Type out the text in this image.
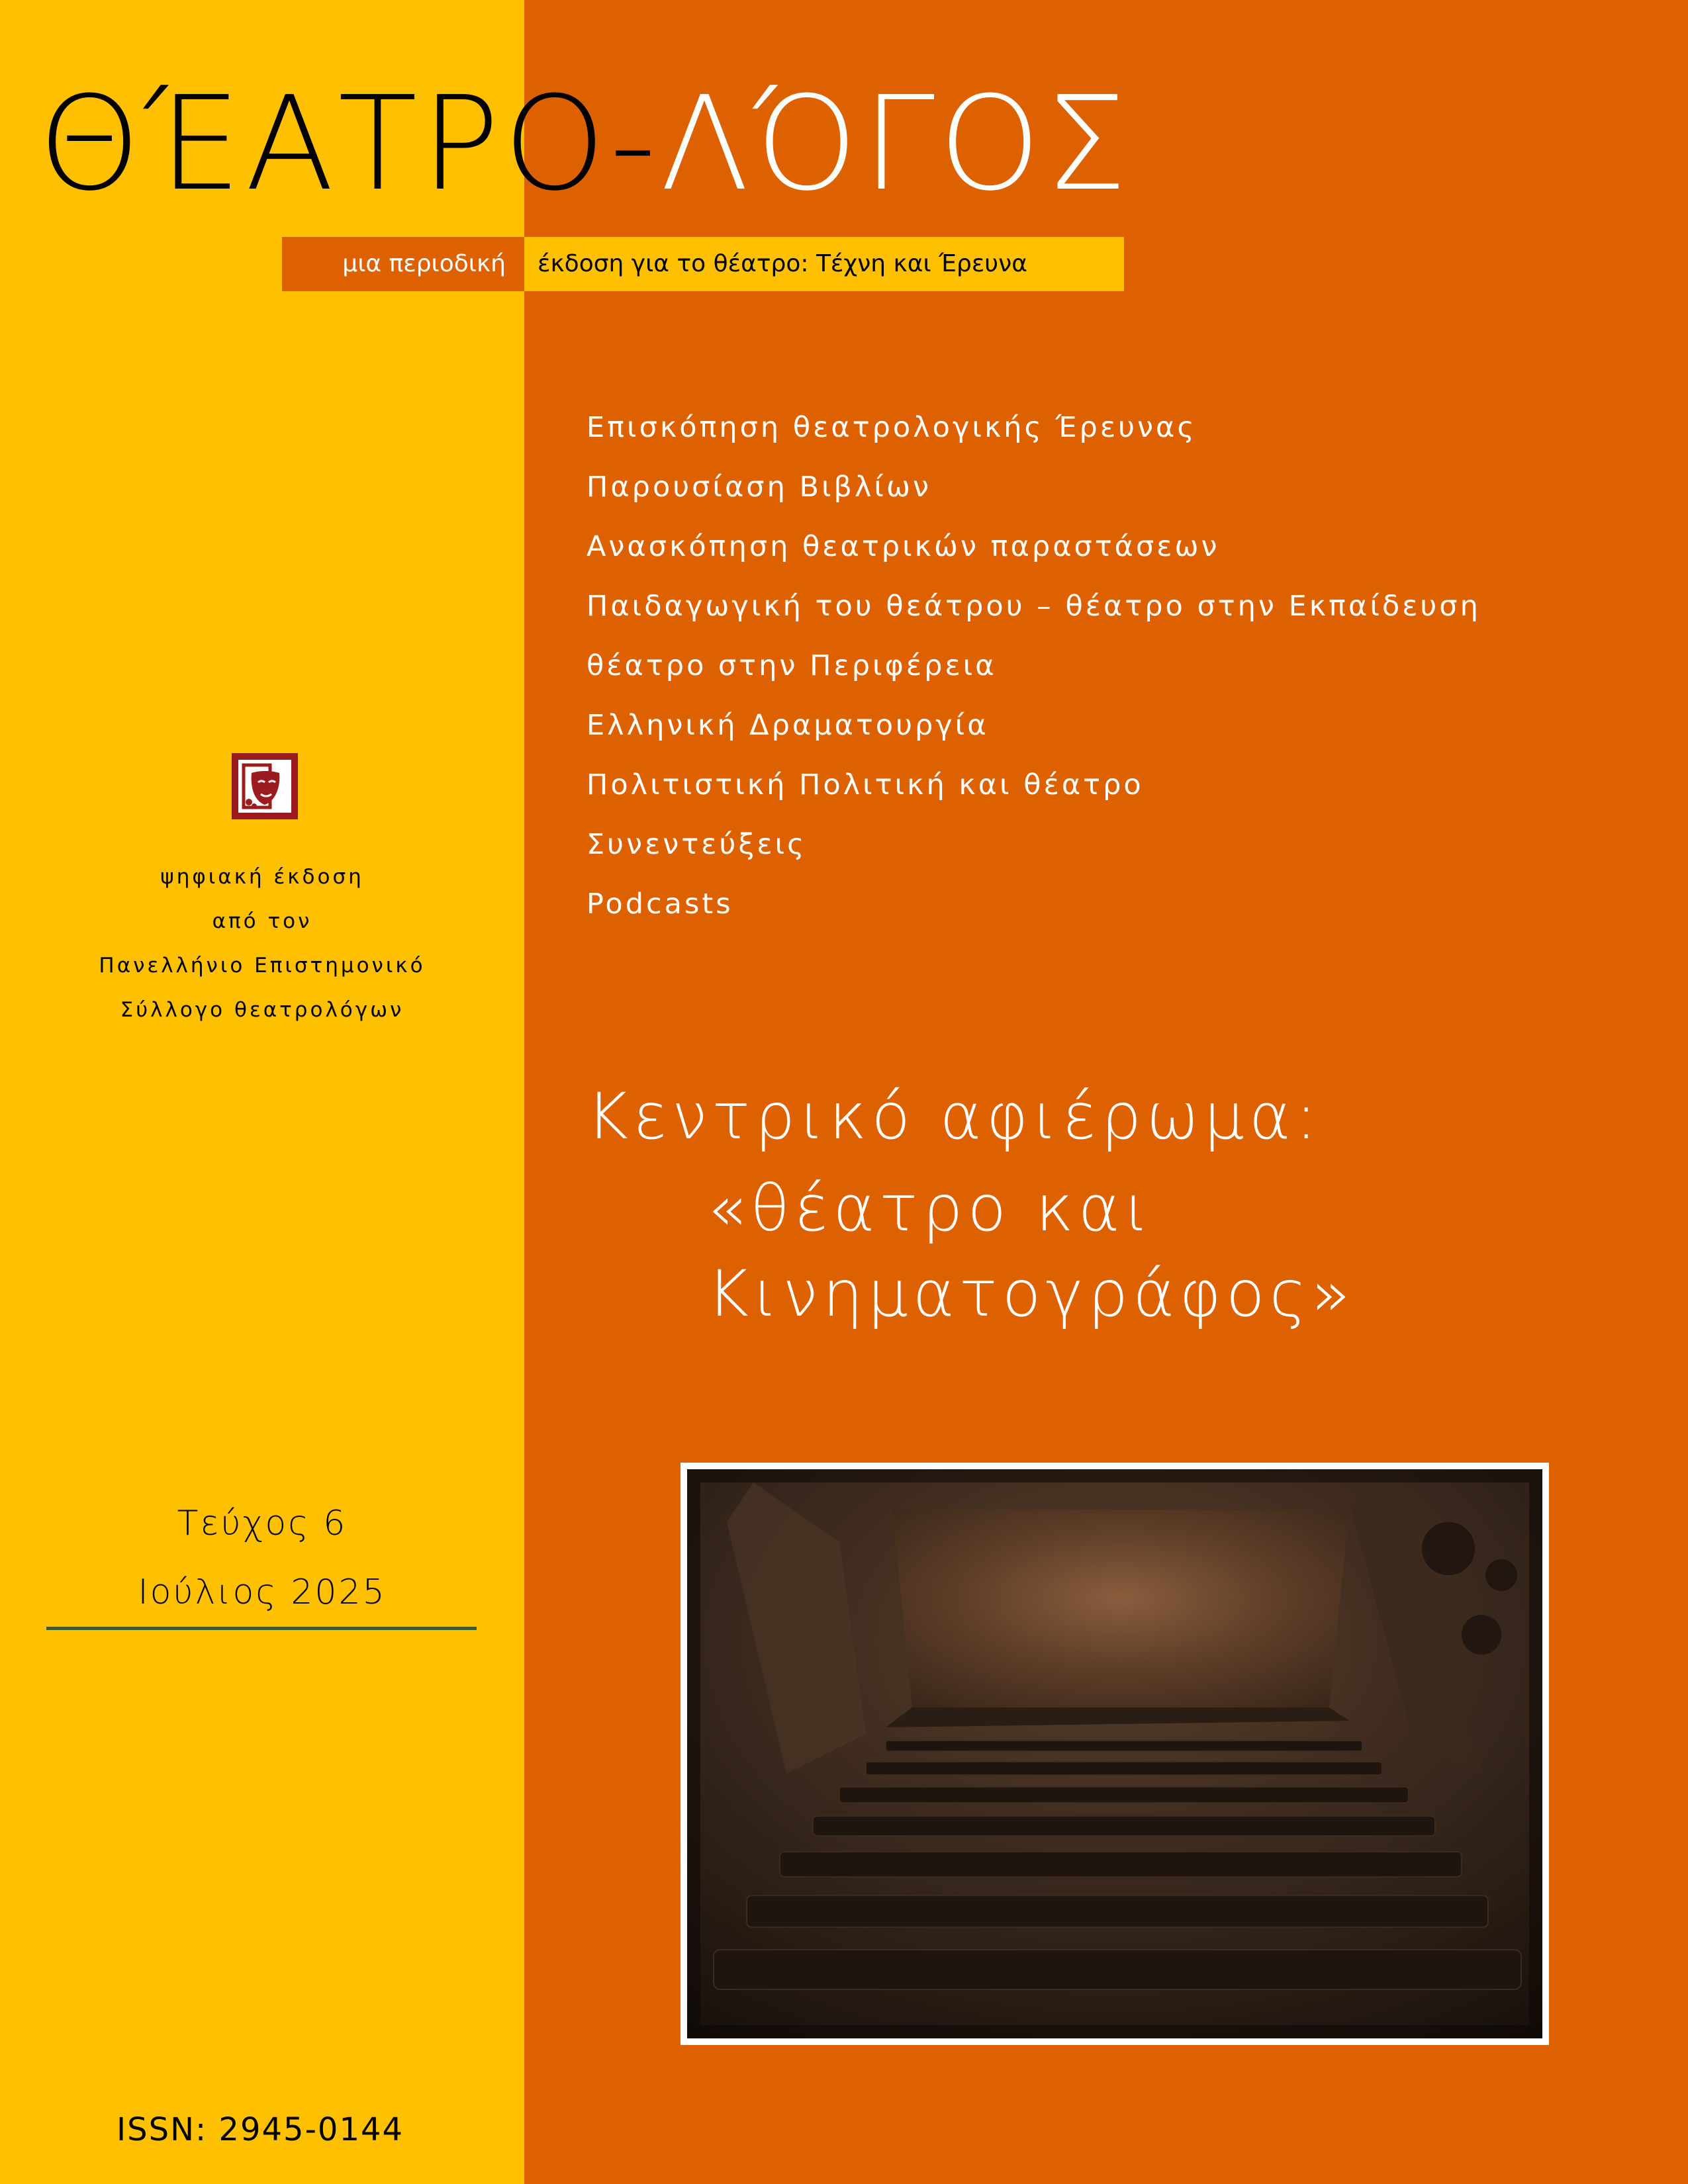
ΘΈΑΤΡΟ-ΛΌΓΟΣ
μια περιοδική	έκδοση για το θέατρο: Τέχνη και Έρευνα
Επισκόπηση θεατρολογικής Έρευνας
Παρουσίαση Βιβλίων
Ανασκόπηση θεατρικών παραστάσεων
Παιδαγωγική του θεάτρου – θέατρο στην Εκπαίδευση
θέατρο στην Περιφέρεια
Ελληνική Δραματουργία
Πολιτιστική Πολιτική και θέατρο
Συνεντεύξεις
Podcasts
ψηφιακή έκδοση
από τον
Πανελλήνιο Επιστημονικό
Σύλλογο θεατρολόγων
Κεντρικό αφιέρωμα:
«θέατρο και
Κινηματογράφος»
Τεύχος 6
Ιούλιος 2025
ISSN: 2945-0144
